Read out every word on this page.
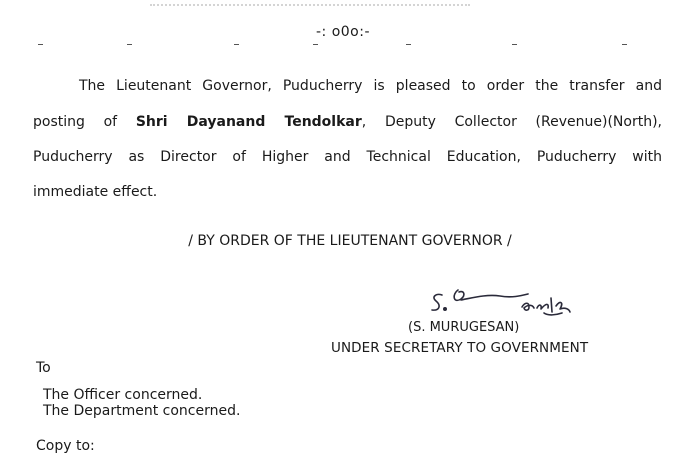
-: o0o:-
The Lieutenant Governor, Puducherry is pleased to order the transfer and
posting of Shri Dayanand Tendolkar, Deputy Collector (Revenue)(North),
Puducherry as Director of Higher and Technical Education, Puducherry with
immediate effect.
/ BY ORDER OF THE LIEUTENANT GOVERNOR /
(S. MURUGESAN)
UNDER SECRETARY TO GOVERNMENT
To
The Officer concerned.
The Department concerned.
Copy to:
